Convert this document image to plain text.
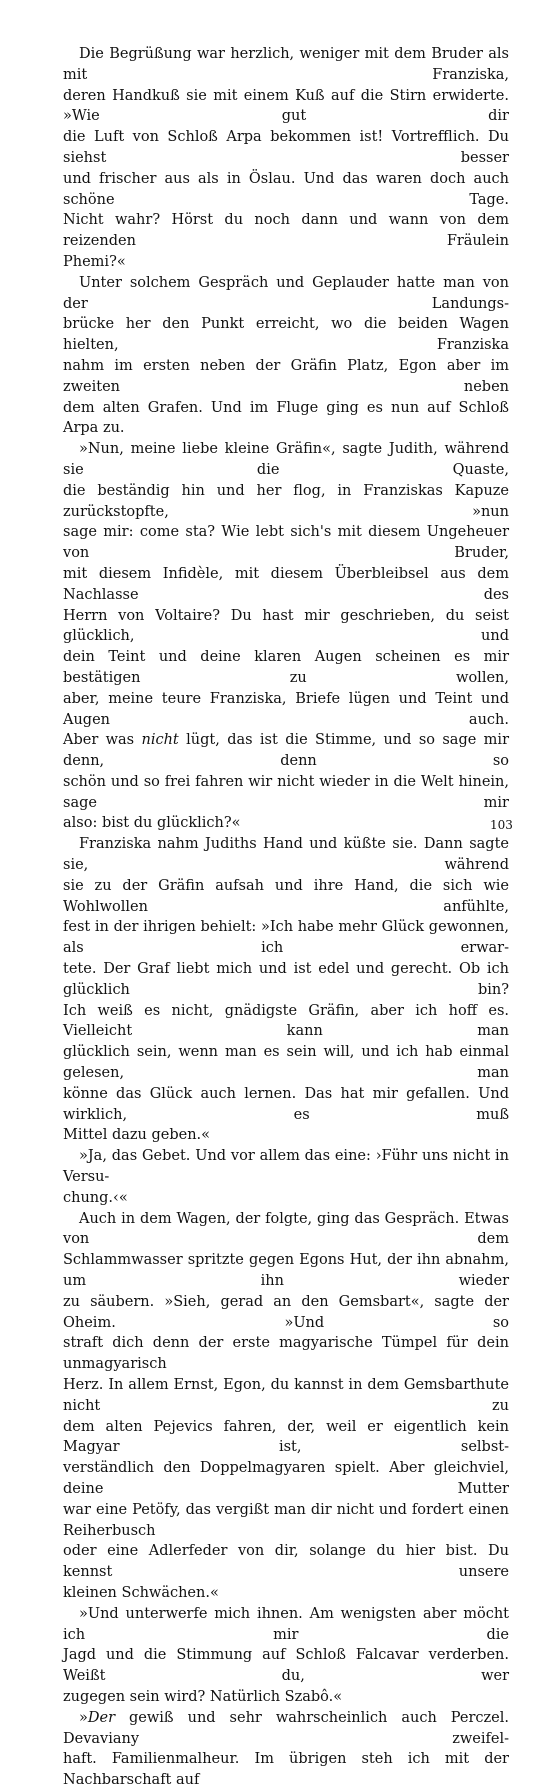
Die Begrüßung war herzlich, weniger mit dem Bruder als mit Franziska,
deren Handkuß sie mit einem Kuß auf die Stirn erwiderte. »Wie gut dir
die Luft von Schloß Arpa bekommen ist! Vortrefflich. Du siehst besser
und frischer aus als in Öslau. Und das waren doch auch schöne Tage.
Nicht wahr? Hörst du noch dann und wann von dem reizenden Fräulein
Phemi?«

Unter solchem Gespräch und Geplauder hatte man von der Landungs-
brücke her den Punkt erreicht, wo die beiden Wagen hielten, Franziska
nahm im ersten neben der Gräfin Platz, Egon aber im zweiten neben
dem alten Grafen. Und im Fluge ging es nun auf Schloß Arpa zu.

»Nun, meine liebe kleine Gräfin«, sagte Judith, während sie die Quaste,
die beständig hin und her flog, in Franziskas Kapuze zurückstopfte, »nun
sage mir: come sta? Wie lebt sich's mit diesem Ungeheuer von Bruder,
mit diesem Infidèle, mit diesem Überbleibsel aus dem Nachlasse des
Herrn von Voltaire? Du hast mir geschrieben, du seist glücklich, und
dein Teint und deine klaren Augen scheinen es mir bestätigen zu wollen,
aber, meine teure Franziska, Briefe lügen und Teint und Augen auch.
Aber was nicht lügt, das ist die Stimme, und so sage mir denn, denn so
schön und so frei fahren wir nicht wieder in die Welt hinein, sage mir
also: bist du glücklich?«

Franziska nahm Judiths Hand und küßte sie. Dann sagte sie, während
sie zu der Gräfin aufsah und ihre Hand, die sich wie Wohlwollen anfühlte,
fest in der ihrigen behielt: »Ich habe mehr Glück gewonnen, als ich erwar-
tete. Der Graf liebt mich und ist edel und gerecht. Ob ich glücklich bin?
Ich weiß es nicht, gnädigste Gräfin, aber ich hoff es. Vielleicht kann man
glücklich sein, wenn man es sein will, und ich hab einmal gelesen, man
könne das Glück auch lernen. Das hat mir gefallen. Und wirklich, es muß
Mittel dazu geben.«

»Ja, das Gebet. Und vor allem das eine: ›Führ uns nicht in Versu-
chung.‹«

Auch in dem Wagen, der folgte, ging das Gespräch. Etwas von dem
Schlammwasser spritzte gegen Egons Hut, der ihn abnahm, um ihn wieder
zu säubern. »Sieh, gerad an den Gemsbart«, sagte der Oheim. »Und so
straft dich denn der erste magyarische Tümpel für dein unmagyarisch
Herz. In allem Ernst, Egon, du kannst in dem Gemsbarthute nicht zu
dem alten Pejevics fahren, der, weil er eigentlich kein Magyar ist, selbst-
verständlich den Doppelmagyaren spielt. Aber gleichviel, deine Mutter
war eine Petöfy, das vergißt man dir nicht und fordert einen Reiherbusch
oder eine Adlerfeder von dir, solange du hier bist. Du kennst unsere
kleinen Schwächen.«

»Und unterwerfe mich ihnen. Am wenigsten aber möcht ich mir die
Jagd und die Stimmung auf Schloß Falcavar verderben. Weißt du, wer
zugegen sein wird? Natürlich Szabô.«

»Der gewiß und sehr wahrscheinlich auch Perczel. Devaviany zweifel-
haft. Familienmalheur. Im übrigen steh ich mit der Nachbarschaft auf

103
